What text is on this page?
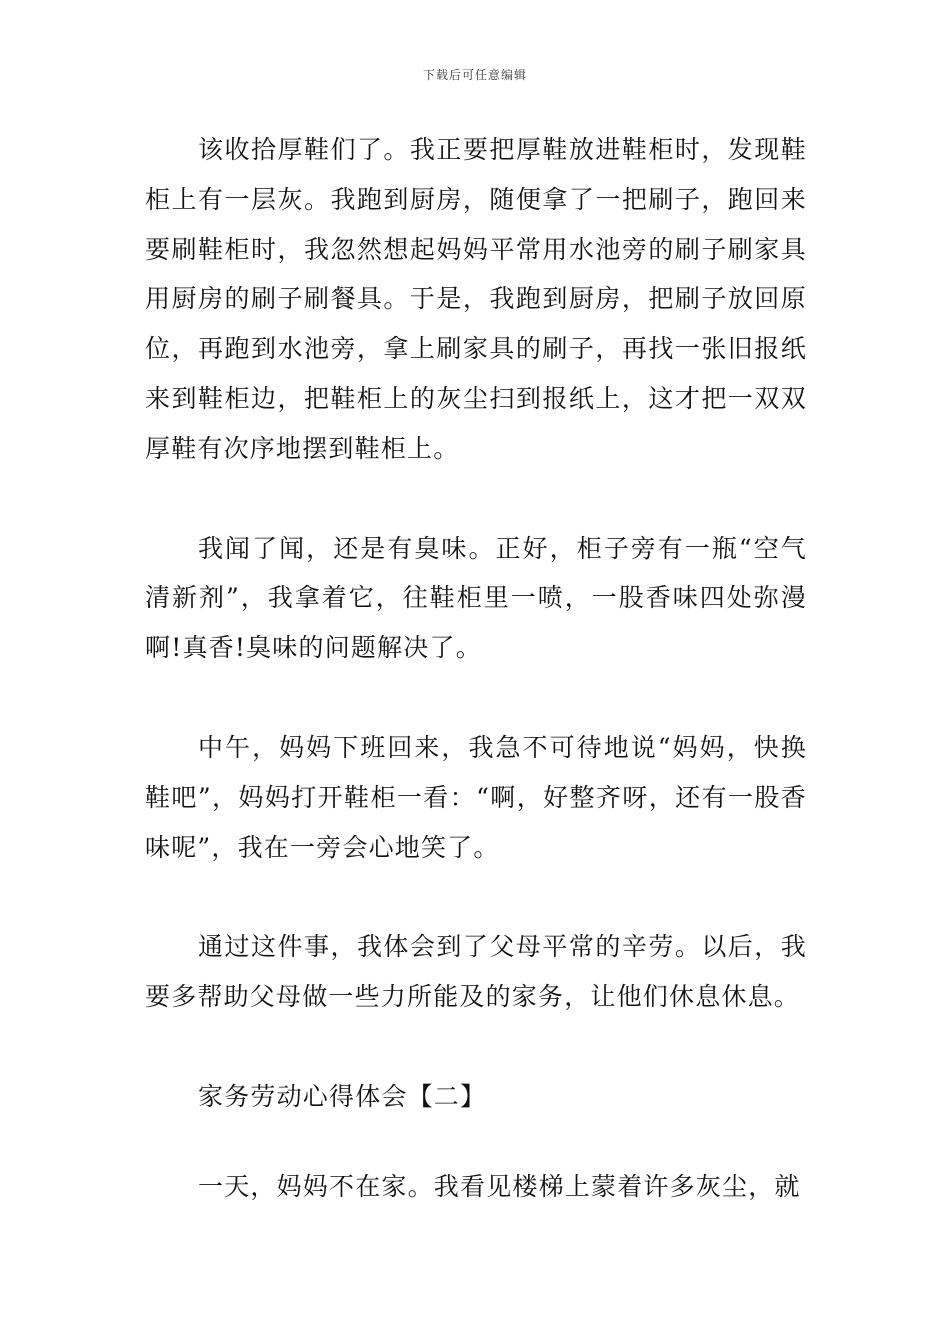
下载后可任意编辑

该收拾厚鞋们了。我正要把厚鞋放进鞋柜时，发现鞋柜上有一层灰。我跑到厨房，随便拿了一把刷子，跑回来要刷鞋柜时，我忽然想起妈妈平常用水池旁的刷子刷家具用厨房的刷子刷餐具。于是，我跑到厨房，把刷子放回原位，再跑到水池旁，拿上刷家具的刷子，再找一张旧报纸来到鞋柜边，把鞋柜上的灰尘扫到报纸上，这才把一双双厚鞋有次序地摆到鞋柜上。

我闻了闻，还是有臭味。正好，柜子旁有一瓶“空气清新剂”，我拿着它，往鞋柜里一喷，一股香味四处弥漫啊!真香!臭味的问题解决了。

中午，妈妈下班回来，我急不可待地说“妈妈，快换鞋吧”，妈妈打开鞋柜一看：“啊，好整齐呀，还有一股香味呢”，我在一旁会心地笑了。

通过这件事，我体会到了父母平常的辛劳。以后，我要多帮助父母做一些力所能及的家务，让他们休息休息。

家务劳动心得体会【二】

一天，妈妈不在家。我看见楼梯上蒙着许多灰尘，就
